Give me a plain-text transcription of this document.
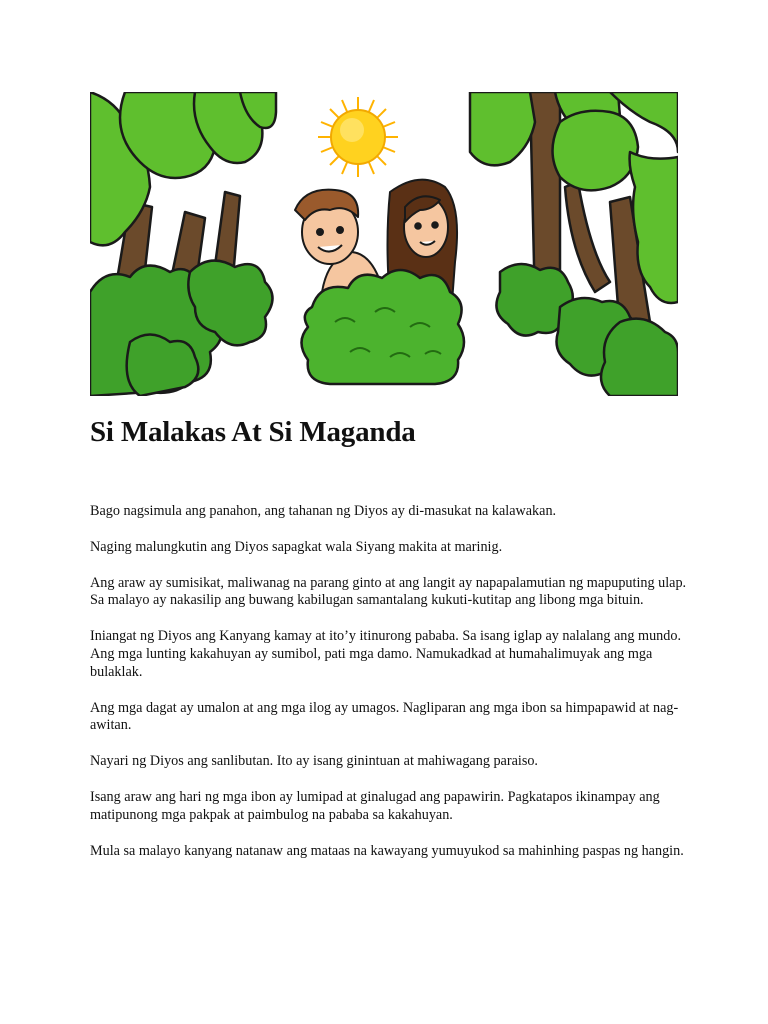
Si Malakas At Si Maganda

Bago nagsimula ang panahon, ang tahanan ng Diyos ay di-masukat na kalawakan.

Naging malungkutin ang Diyos sapagkat wala Siyang makita at marinig.

Ang araw ay sumisikat, maliwanag na parang ginto at ang langit ay napapalamutian ng mapuputing ulap. Sa malayo ay nakasilip ang buwang kabilugan samantalang kukuti-kutitap ang libong mga bituin.

Iniangat ng Diyos ang Kanyang kamay at ito’y itinurong pababa. Sa isang iglap ay nalalang ang mundo. Ang mga lunting kakahuyan ay sumibol, pati mga damo. Namukadkad at humahalimuyak ang mga bulaklak.

Ang mga dagat ay umalon at ang mga ilog ay umagos. Nagliparan ang mga ibon sa himpapawid at nag-awitan.

Nayari ng Diyos ang sanlibutan. Ito ay isang ginintuan at mahiwagang paraiso.

Isang araw ang hari ng mga ibon ay lumipad at ginalugad ang papawirin. Pagkatapos ikinampay ang matipunong mga pakpak at paimbulog na pababa sa kakahuyan.

Mula sa malayo kanyang natanaw ang mataas na kawayang yumuyukod sa mahinhing paspas ng hangin.
